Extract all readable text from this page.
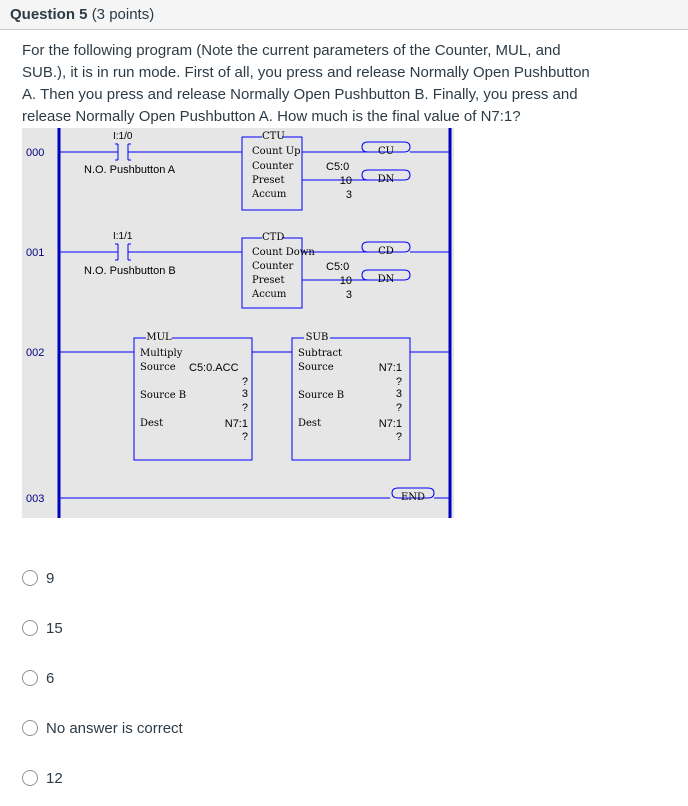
Question 5 (3 points)
For the following program (Note the current parameters of the Counter, MUL, and
SUB.), it is in run mode. First of all, you press and release Normally Open Pushbutton
A. Then you press and release Normally Open Pushbutton B. Finally, you press and
release Normally Open Pushbutton A. How much is the final value of N7:1?
000
001
002
003
I:1/0
N.O. Pushbutton A
I:1/1
N.O. Pushbutton B
CTU
Count Up
Counter	C5:0
Preset	10
Accum	3
CU
DN
CTD
Count Down
Counter	C5:0
Preset	10
Accum	3
CD
DN
MUL
Multiply
Source C5:0.ACC
?
3
Source B
?
Dest	N7:1
?
SUB
Subtract
Source	N7:1
?
3
Source B
?
Dest	N7:1
?
END
9
15
6
No answer is correct
12
